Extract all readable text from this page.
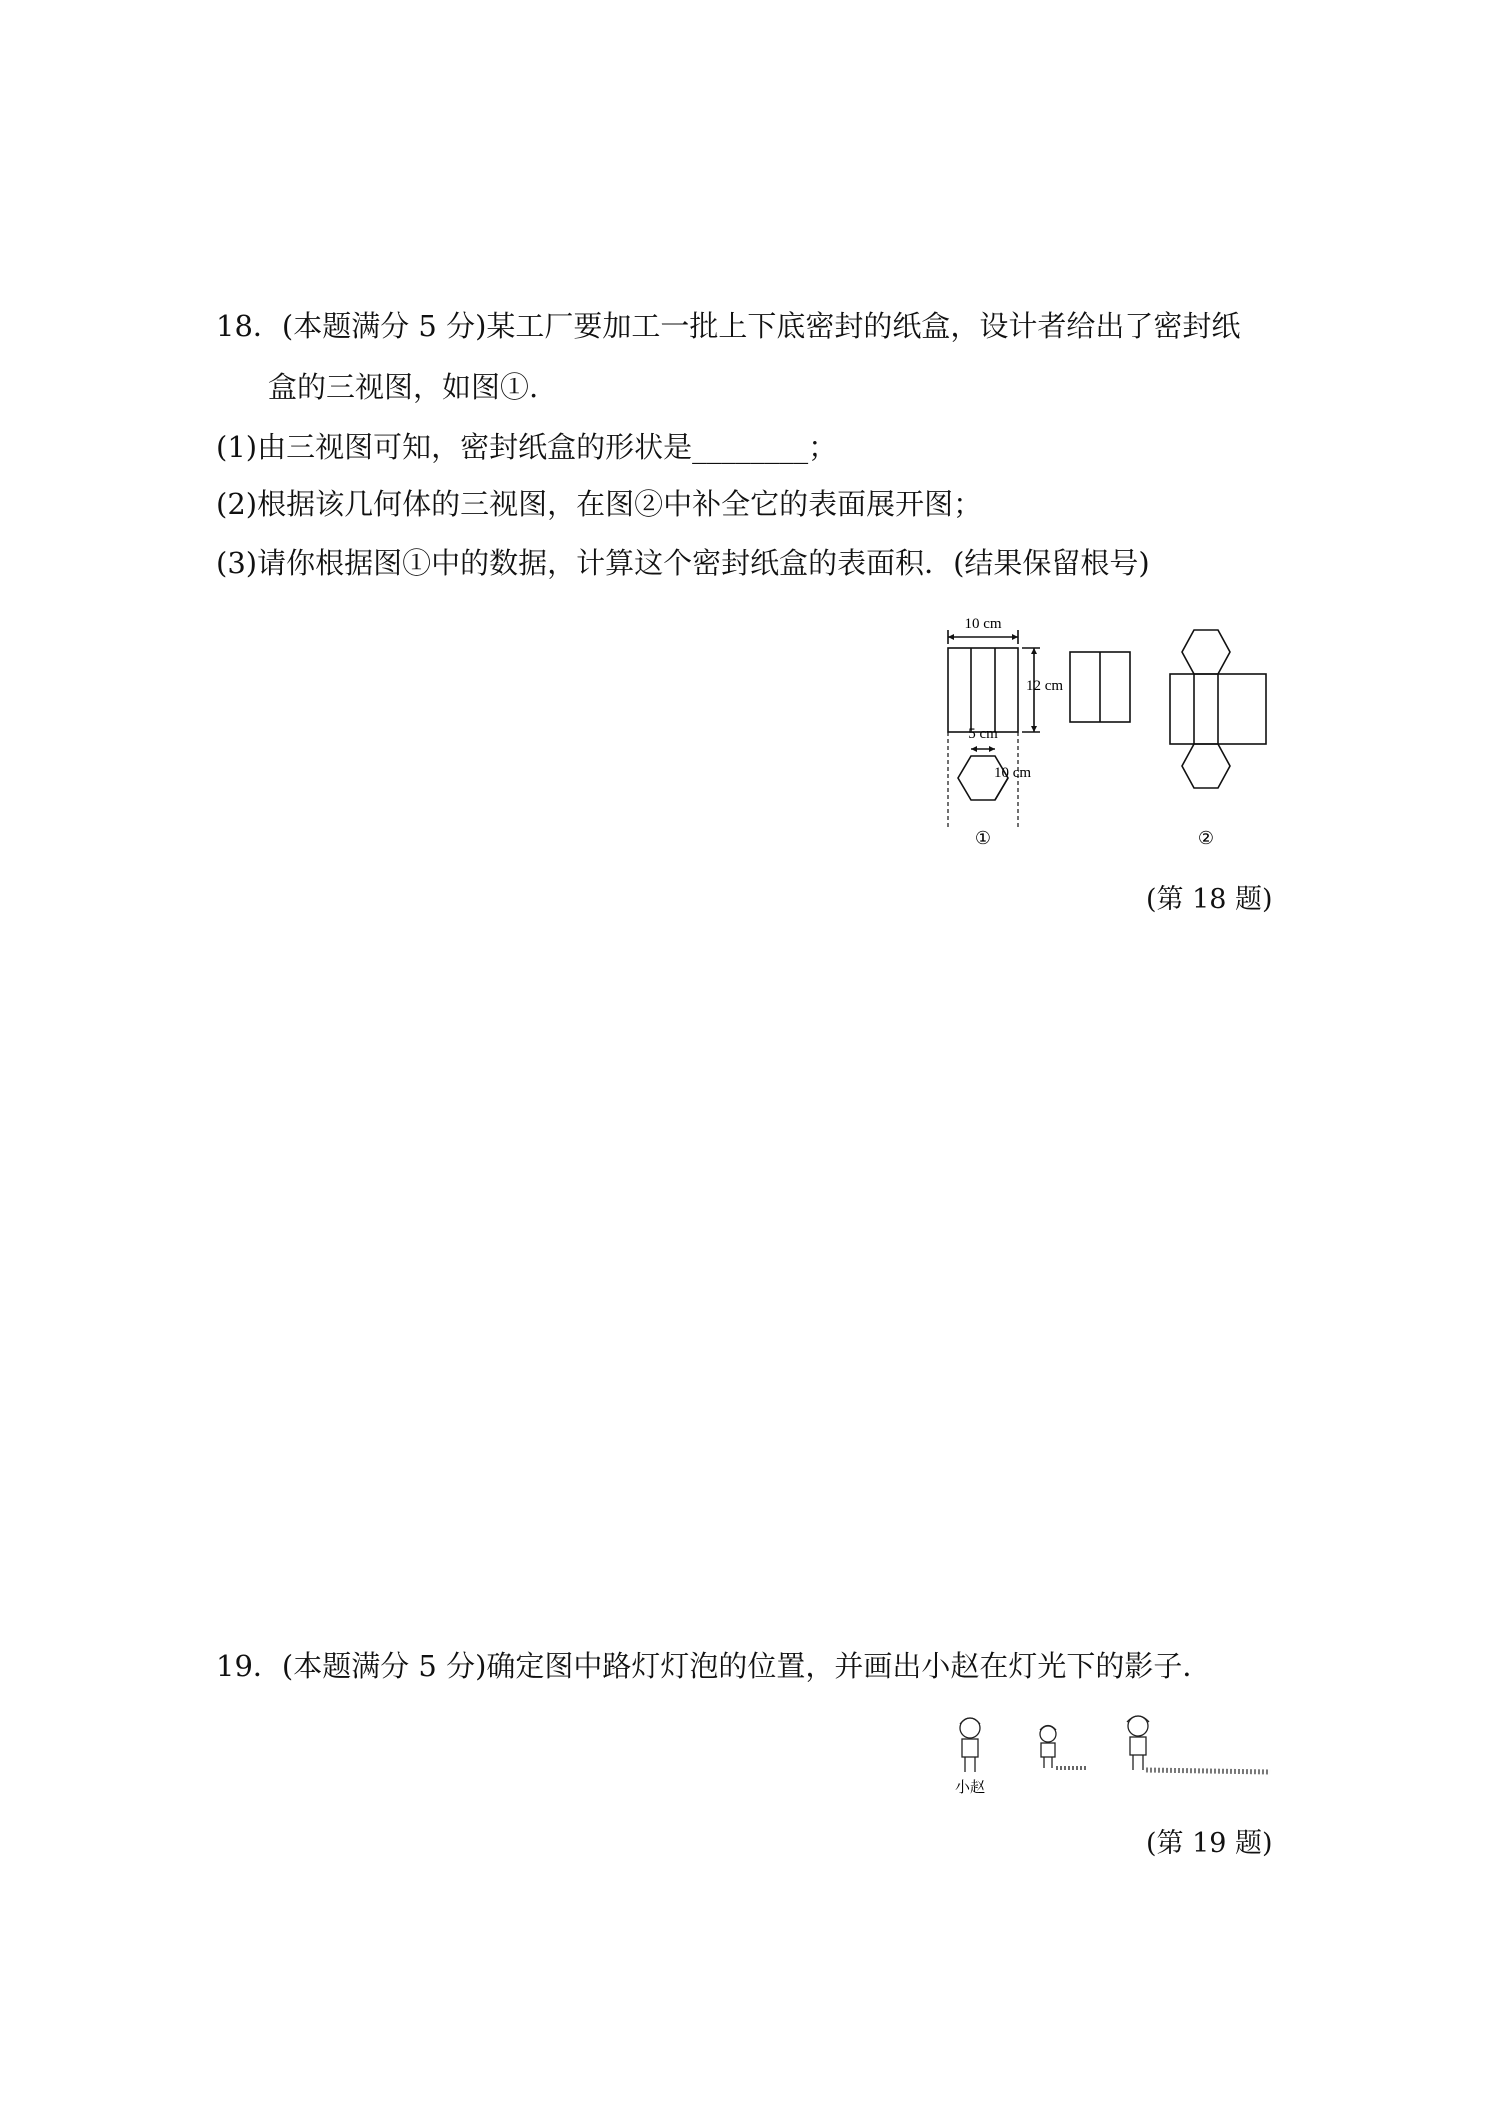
18．(本题满分 5 分)某工厂要加工一批上下底密封的纸盒，设计者给出了密封纸
盒的三视图，如图①.
(1)由三视图可知，密封纸盒的形状是________；
(2)根据该几何体的三视图，在图②中补全它的表面展开图；
(3)请你根据图①中的数据，计算这个密封纸盒的表面积．(结果保留根号)
10 cm
12 cm
5 cm
10 cm
①	②
(第 18 题)
19．(本题满分 5 分)确定图中路灯灯泡的位置，并画出小赵在灯光下的影子．
小赵
(第 19 题)
